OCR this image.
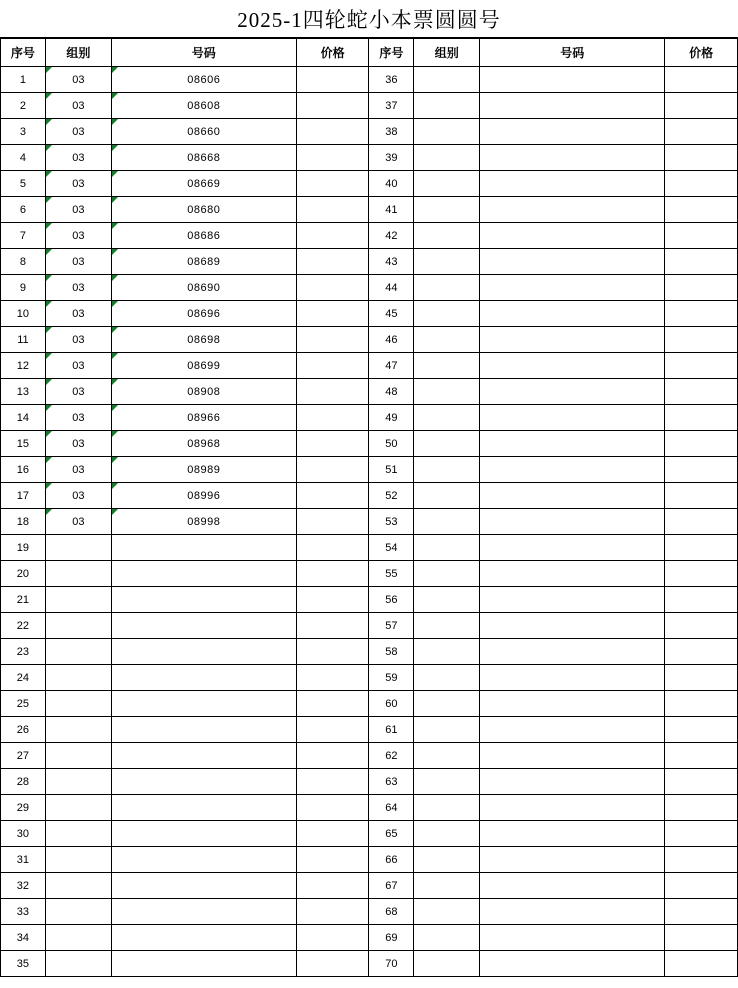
2025-1四轮蛇小本票圆圆号
序号	组别	号码	价格	序号	组别	号码	价格
1	03	08606		36			
2	03	08608		37			
3	03	08660		38			
4	03	08668		39			
5	03	08669		40			
6	03	08680		41			
7	03	08686		42			
8	03	08689		43			
9	03	08690		44			
10	03	08696		45			
11	03	08698		46			
12	03	08699		47			
13	03	08908		48			
14	03	08966		49			
15	03	08968		50			
16	03	08989		51			
17	03	08996		52			
18	03	08998		53			
19				54			
20				55			
21				56			
22				57			
23				58			
24				59			
25				60			
26				61			
27				62			
28				63			
29				64			
30				65			
31				66			
32				67			
33				68			
34				69			
35				70			
